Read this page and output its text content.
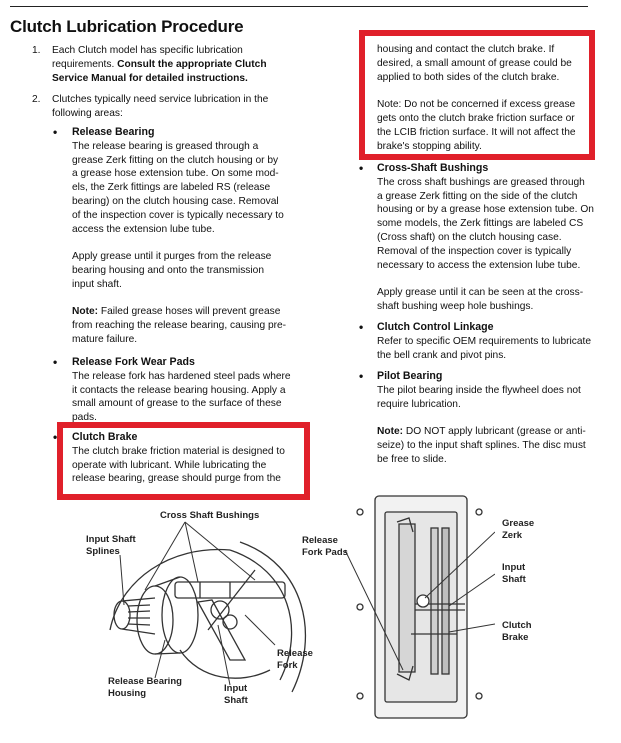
Clutch Lubrication Procedure
1. Each Clutch model has specific lubrication
requirements. Consult the appropriate Clutch
Service Manual for detailed instructions.
2. Clutches typically need service lubrication in the
following areas:
• Release Bearing
The release bearing is greased through a
grease Zerk fitting on the clutch housing or by
a grease hose extension tube. On some mod-
els, the Zerk fittings are labeled RS (release
bearing) on the clutch housing case. Removal
of the inspection cover is typically necessary to
access the extension lube tube.
Apply grease until it purges from the release
bearing housing and onto the transmission
input shaft.
Note: Failed grease hoses will prevent grease
from reaching the release bearing, causing pre-
mature failure.
• Release Fork Wear Pads
The release fork has hardened steel pads where
it contacts the release bearing housing. Apply a
small amount of grease to the surface of these
pads.
• Clutch Brake
The clutch brake friction material is designed to
operate with lubricant. While lubricating the
release bearing, grease should purge from the
housing and contact the clutch brake. If
desired, a small amount of grease could be
applied to both sides of the clutch brake.
Note: Do not be concerned if excess grease
gets onto the clutch brake friction surface or
the LCIB friction surface. It will not affect the
brake's stopping ability.
• Cross-Shaft Bushings
The cross shaft bushings are greased through
a grease Zerk fitting on the side of the clutch
housing or by a grease hose extension tube. On
some models, the Zerk fittings are labeled CS
(Cross shaft) on the clutch housing case.
Removal of the inspection cover is typically
necessary to access the extension lube tube.
Apply grease until it can be seen at the cross-
shaft bushing weep hole bushings.
• Clutch Control Linkage
Refer to specific OEM requirements to lubricate
the bell crank and pivot pins.
• Pilot Bearing
The pilot bearing inside the flywheel does not
require lubrication.
Note: DO NOT apply lubricant (grease or anti-
seize) to the input shaft splines. The disc must
be free to slide.
Cross Shaft Bushings
Input Shaft
Splines
Release
Fork
Release Bearing
Housing	Input
Shaft
Release
Fork Pads
Grease
Zerk
Input
Shaft
Clutch
Brake
